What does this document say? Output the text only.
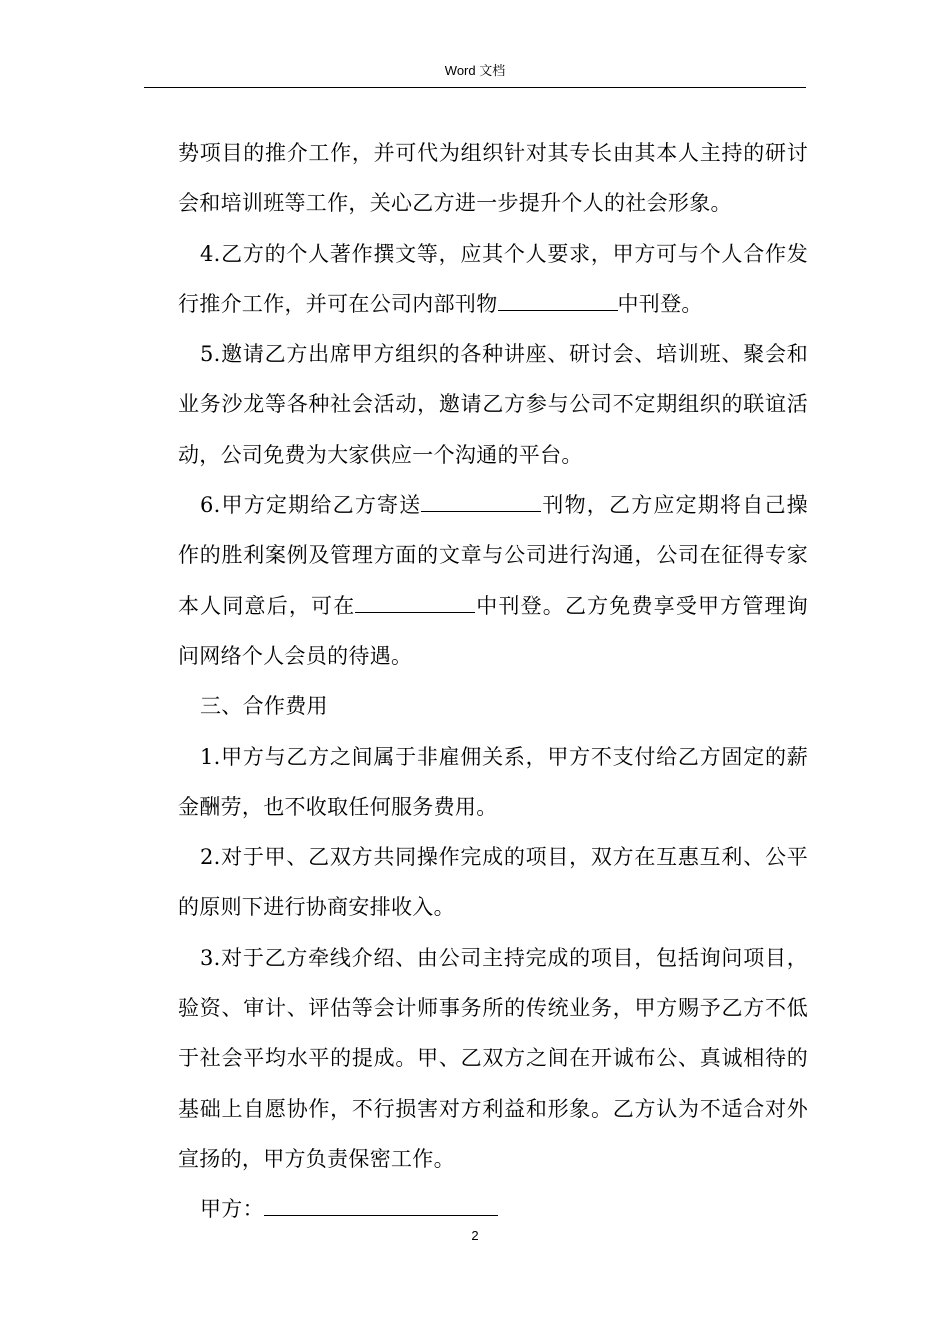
Word 文档

势项目的推介工作，并可代为组织针对其专长由其本人主持的研讨会和培训班等工作，关心乙方进一步提升个人的社会形象。

4.乙方的个人著作撰文等，应其个人要求，甲方可与个人合作发行推介工作，并可在公司内部刊物	中刊登。

5.邀请乙方出席甲方组织的各种讲座、研讨会、培训班、聚会和业务沙龙等各种社会活动，邀请乙方参与公司不定期组织的联谊活动，公司免费为大家供应一个沟通的平台。

6.甲方定期给乙方寄送	刊物，乙方应定期将自己操作的胜利案例及管理方面的文章与公司进行沟通，公司在征得专家本人同意后，可在	中刊登。乙方免费享受甲方管理询问网络个人会员的待遇。

三、合作费用

1.甲方与乙方之间属于非雇佣关系，甲方不支付给乙方固定的薪金酬劳，也不收取任何服务费用。

2.对于甲、乙双方共同操作完成的项目，双方在互惠互利、公平的原则下进行协商安排收入。

3.对于乙方牵线介绍、由公司主持完成的项目，包括询问项目，验资、审计、评估等会计师事务所的传统业务，甲方赐予乙方不低于社会平均水平的提成。甲、乙双方之间在开诚布公、真诚相待的基础上自愿协作，不行损害对方利益和形象。乙方认为不适合对外宣扬的，甲方负责保密工作。

甲方：

2
